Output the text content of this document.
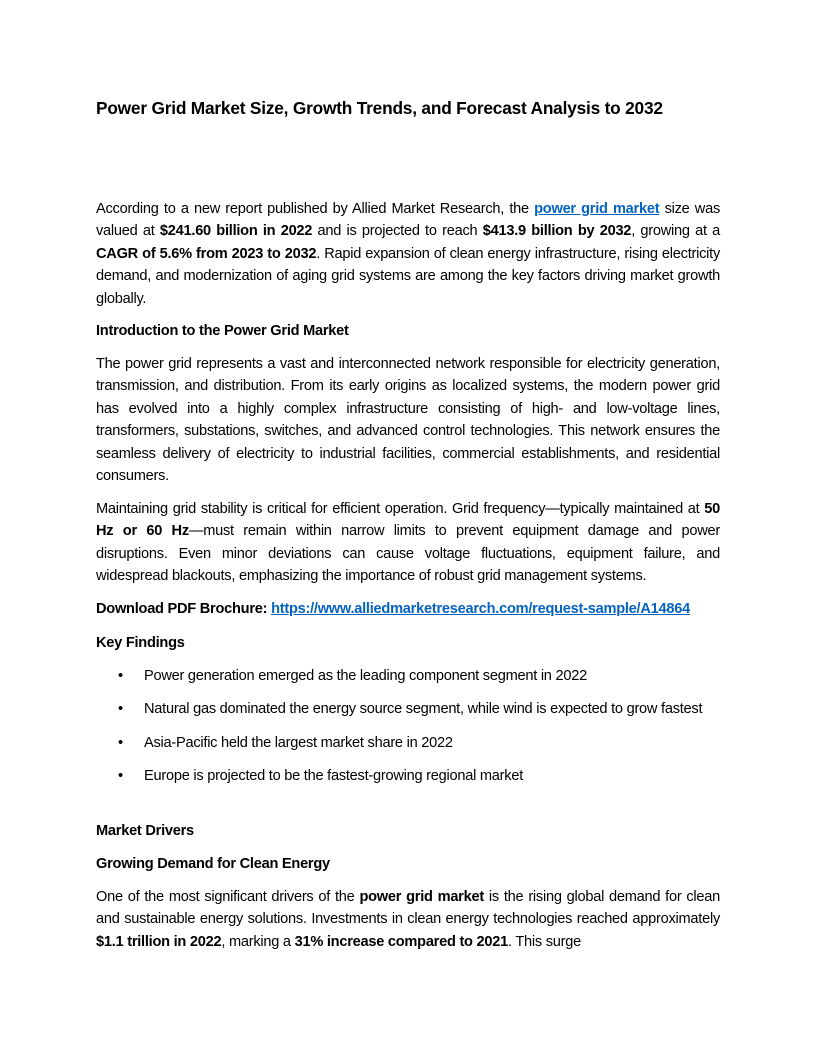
Power Grid Market Size, Growth Trends, and Forecast Analysis to 2032

According to a new report published by Allied Market Research, the power grid market size was valued at $241.60 billion in 2022 and is projected to reach $413.9 billion by 2032, growing at a CAGR of 5.6% from 2023 to 2032. Rapid expansion of clean energy infrastructure, rising electricity demand, and modernization of aging grid systems are among the key factors driving market growth globally.

Introduction to the Power Grid Market

The power grid represents a vast and interconnected network responsible for electricity generation, transmission, and distribution. From its early origins as localized systems, the modern power grid has evolved into a highly complex infrastructure consisting of high- and low-voltage lines, transformers, substations, switches, and advanced control technologies. This network ensures the seamless delivery of electricity to industrial facilities, commercial establishments, and residential consumers.

Maintaining grid stability is critical for efficient operation. Grid frequency—typically maintained at 50 Hz or 60 Hz—must remain within narrow limits to prevent equipment damage and power disruptions. Even minor deviations can cause voltage fluctuations, equipment failure, and widespread blackouts, emphasizing the importance of robust grid management systems.

Download PDF Brochure: https://www.alliedmarketresearch.com/request-sample/A14864

Key Findings

• Power generation emerged as the leading component segment in 2022
• Natural gas dominated the energy source segment, while wind is expected to grow fastest
• Asia-Pacific held the largest market share in 2022
• Europe is projected to be the fastest-growing regional market

Market Drivers

Growing Demand for Clean Energy

One of the most significant drivers of the power grid market is the rising global demand for clean and sustainable energy solutions. Investments in clean energy technologies reached approximately $1.1 trillion in 2022, marking a 31% increase compared to 2021. This surge
